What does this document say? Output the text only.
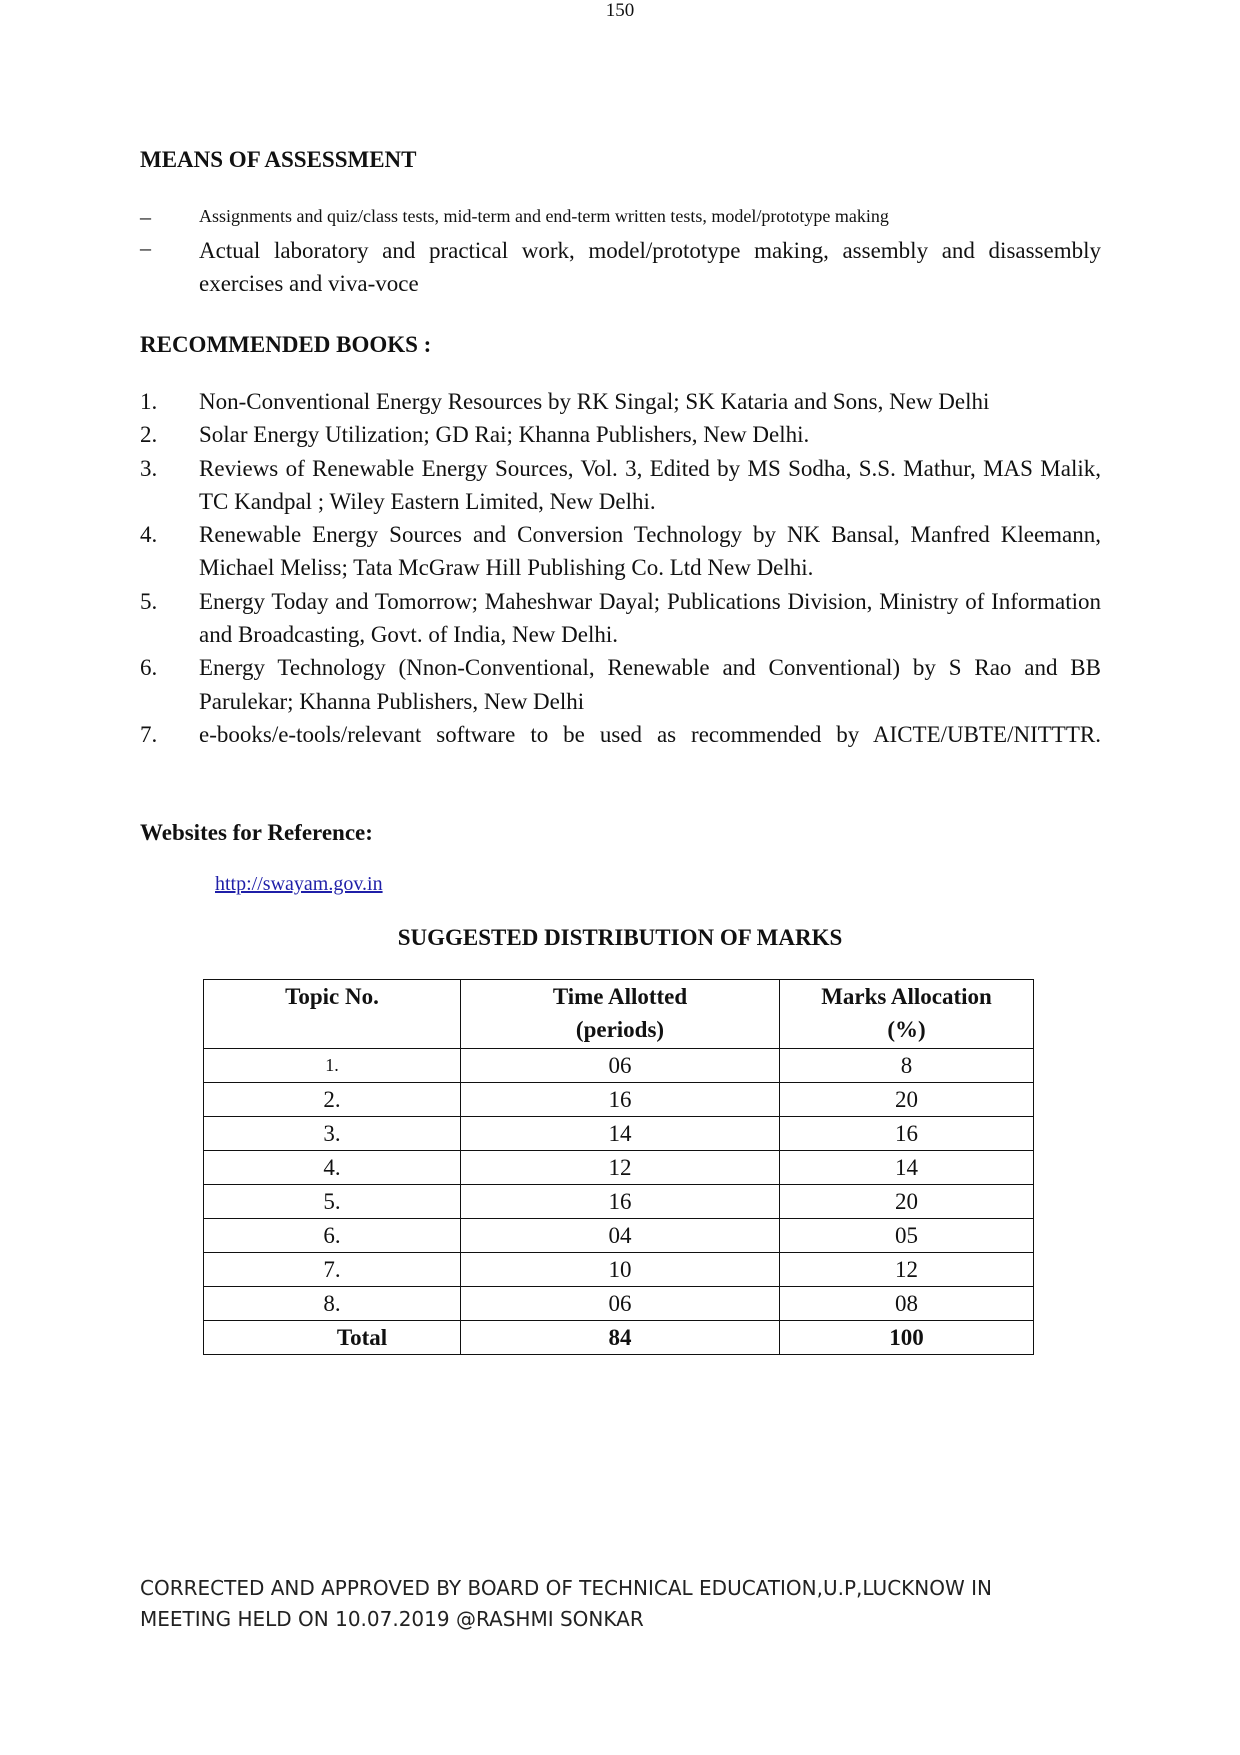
150
MEANS OF ASSESSMENT
–	Assignments and quiz/class tests, mid-term and end-term written tests, model/prototype making
– Actual laboratory and practical work, model/prototype making, assembly and disassembly exercises and viva-voce
RECOMMENDED BOOKS :
1.	Non-Conventional Energy Resources by RK Singal; SK Kataria and Sons, New Delhi
2.	Solar Energy Utilization; GD Rai; Khanna Publishers, New Delhi.
3.	Reviews of Renewable Energy Sources, Vol. 3, Edited by MS Sodha, S.S. Mathur, MAS Malik, TC Kandpal ; Wiley Eastern Limited, New Delhi.
4.	Renewable Energy Sources and Conversion Technology by NK Bansal, Manfred Kleemann, Michael Meliss; Tata McGraw Hill Publishing Co. Ltd New Delhi.
5.	Energy Today and Tomorrow; Maheshwar Dayal; Publications Division, Ministry of Information and Broadcasting, Govt. of India, New Delhi.
6.	Energy Technology (Nnon-Conventional, Renewable and Conventional) by S Rao and BB Parulekar; Khanna Publishers, New Delhi
7.	e-books/e-tools/relevant software to be used as recommended by AICTE/UBTE/NITTTR.
Websites for Reference:
http://swayam.gov.in
SUGGESTED DISTRIBUTION OF MARKS
Topic No.	Time Allotted (periods)	Marks Allocation (%)

1.	06	8
2.	16	20
3.	14	16
4.	12	14
5.	16	20
6.	04	05
7.	10	12
8.	06	08
Total	84	100
CORRECTED AND APPROVED BY BOARD OF TECHNICAL EDUCATION,U.P,LUCKNOW IN
MEETING HELD ON 10.07.2019 @RASHMI SONKAR
